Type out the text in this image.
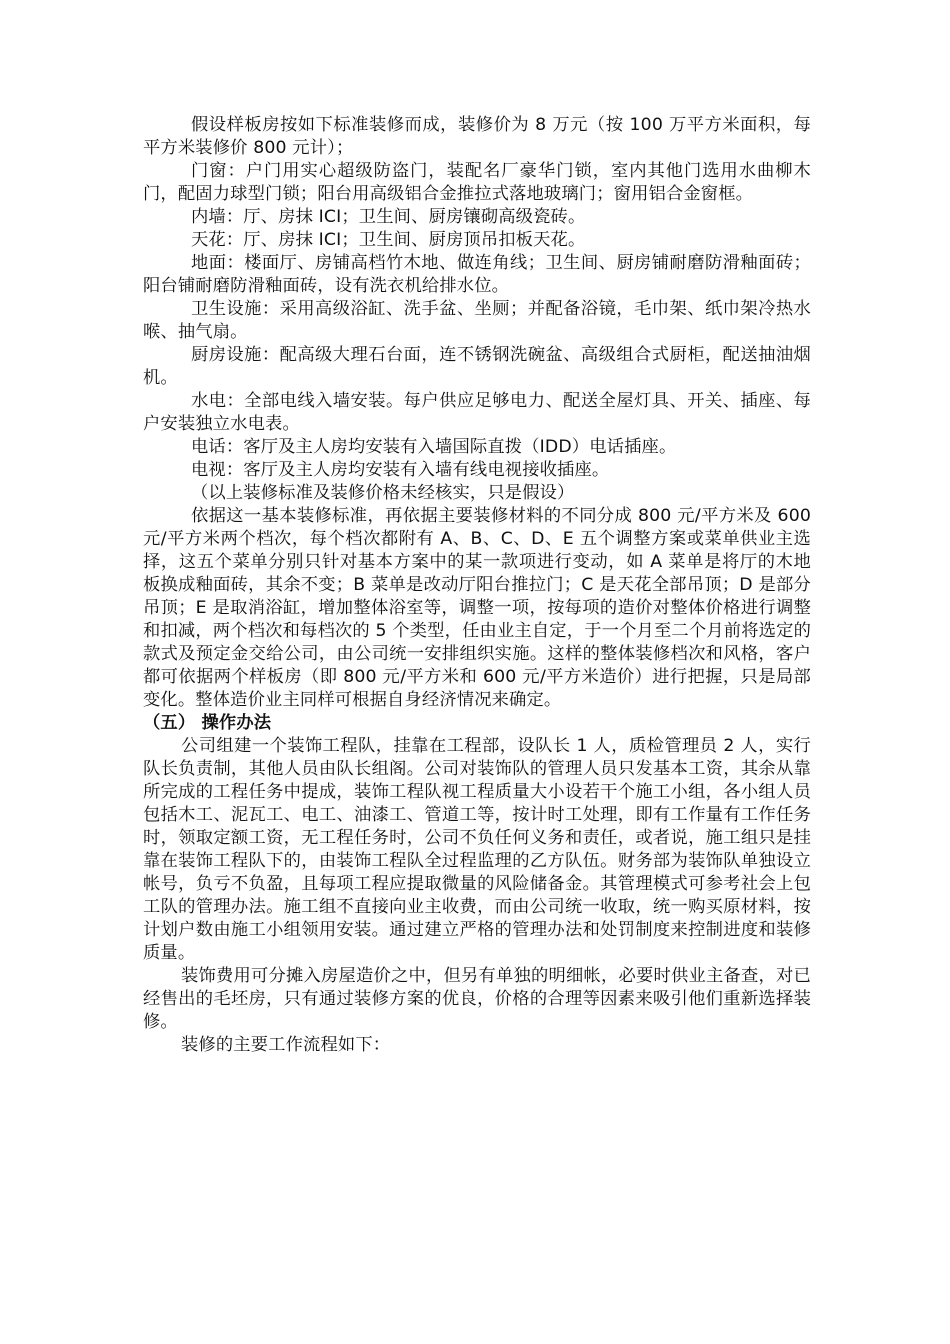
假设样板房按如下标准装修而成，装修价为 8 万元（按 100 万平方米面积，每平方米装修价 800 元计）；

门窗：户门用实心超级防盗门，装配名厂豪华门锁，室内其他门选用水曲柳木门，配固力球型门锁；阳台用高级铝合金推拉式落地玻璃门；窗用铝合金窗框。

内墙：厅、房抹 ICI；卫生间、厨房镶砌高级瓷砖。

天花：厅、房抹 ICI；卫生间、厨房顶吊扣板天花。

地面：楼面厅、房铺高档竹木地、做连角线；卫生间、厨房铺耐磨防滑釉面砖；阳台铺耐磨防滑釉面砖，设有洗衣机给排水位。

卫生设施：采用高级浴缸、洗手盆、坐厕；并配备浴镜，毛巾架、纸巾架冷热水喉、抽气扇。

厨房设施：配高级大理石台面，连不锈钢洗碗盆、高级组合式厨柜，配送抽油烟机。

水电：全部电线入墙安装。每户供应足够电力、配送全屋灯具、开关、插座、每户安装独立水电表。

电话：客厅及主人房均安装有入墙国际直拨（IDD）电话插座。

电视：客厅及主人房均安装有入墙有线电视接收插座。

（以上装修标准及装修价格未经核实，只是假设）

依据这一基本装修标准，再依据主要装修材料的不同分成 800 元/平方米及 600 元/平方米两个档次，每个档次都附有 A、B、C、D、E 五个调整方案或菜单供业主选择，这五个菜单分别只针对基本方案中的某一款项进行变动，如 A 菜单是将厅的木地板换成釉面砖，其余不变；B 菜单是改动厅阳台推拉门；C 是天花全部吊顶；D 是部分吊顶；E 是取消浴缸，增加整体浴室等，调整一项，按每项的造价对整体价格进行调整和扣减，两个档次和每档次的 5 个类型，任由业主自定，于一个月至二个月前将选定的款式及预定金交给公司，由公司统一安排组织实施。这样的整体装修档次和风格，客户都可依据两个样板房（即 800 元/平方米和 600 元/平方米造价）进行把握，只是局部变化。整体造价业主同样可根据自身经济情况来确定。

（五） 操作办法

公司组建一个装饰工程队，挂靠在工程部，设队长 1 人，质检管理员 2 人，实行队长负责制，其他人员由队长组阁。公司对装饰队的管理人员只发基本工资，其余从靠所完成的工程任务中提成，装饰工程队视工程质量大小设若干个施工小组，各小组人员包括木工、泥瓦工、电工、油漆工、管道工等，按计时工处理，即有工作量有工作任务时，领取定额工资，无工程任务时，公司不负任何义务和责任，或者说，施工组只是挂靠在装饰工程队下的，由装饰工程队全过程监理的乙方队伍。财务部为装饰队单独设立帐号，负亏不负盈，且每项工程应提取微量的风险储备金。其管理模式可参考社会上包工队的管理办法。施工组不直接向业主收费，而由公司统一收取，统一购买原材料，按计划户数由施工小组领用安装。通过建立严格的管理办法和处罚制度来控制进度和装修质量。

装饰费用可分摊入房屋造价之中，但另有单独的明细帐，必要时供业主备查，对已经售出的毛坯房，只有通过装修方案的优良，价格的合理等因素来吸引他们重新选择装修。

装修的主要工作流程如下：
